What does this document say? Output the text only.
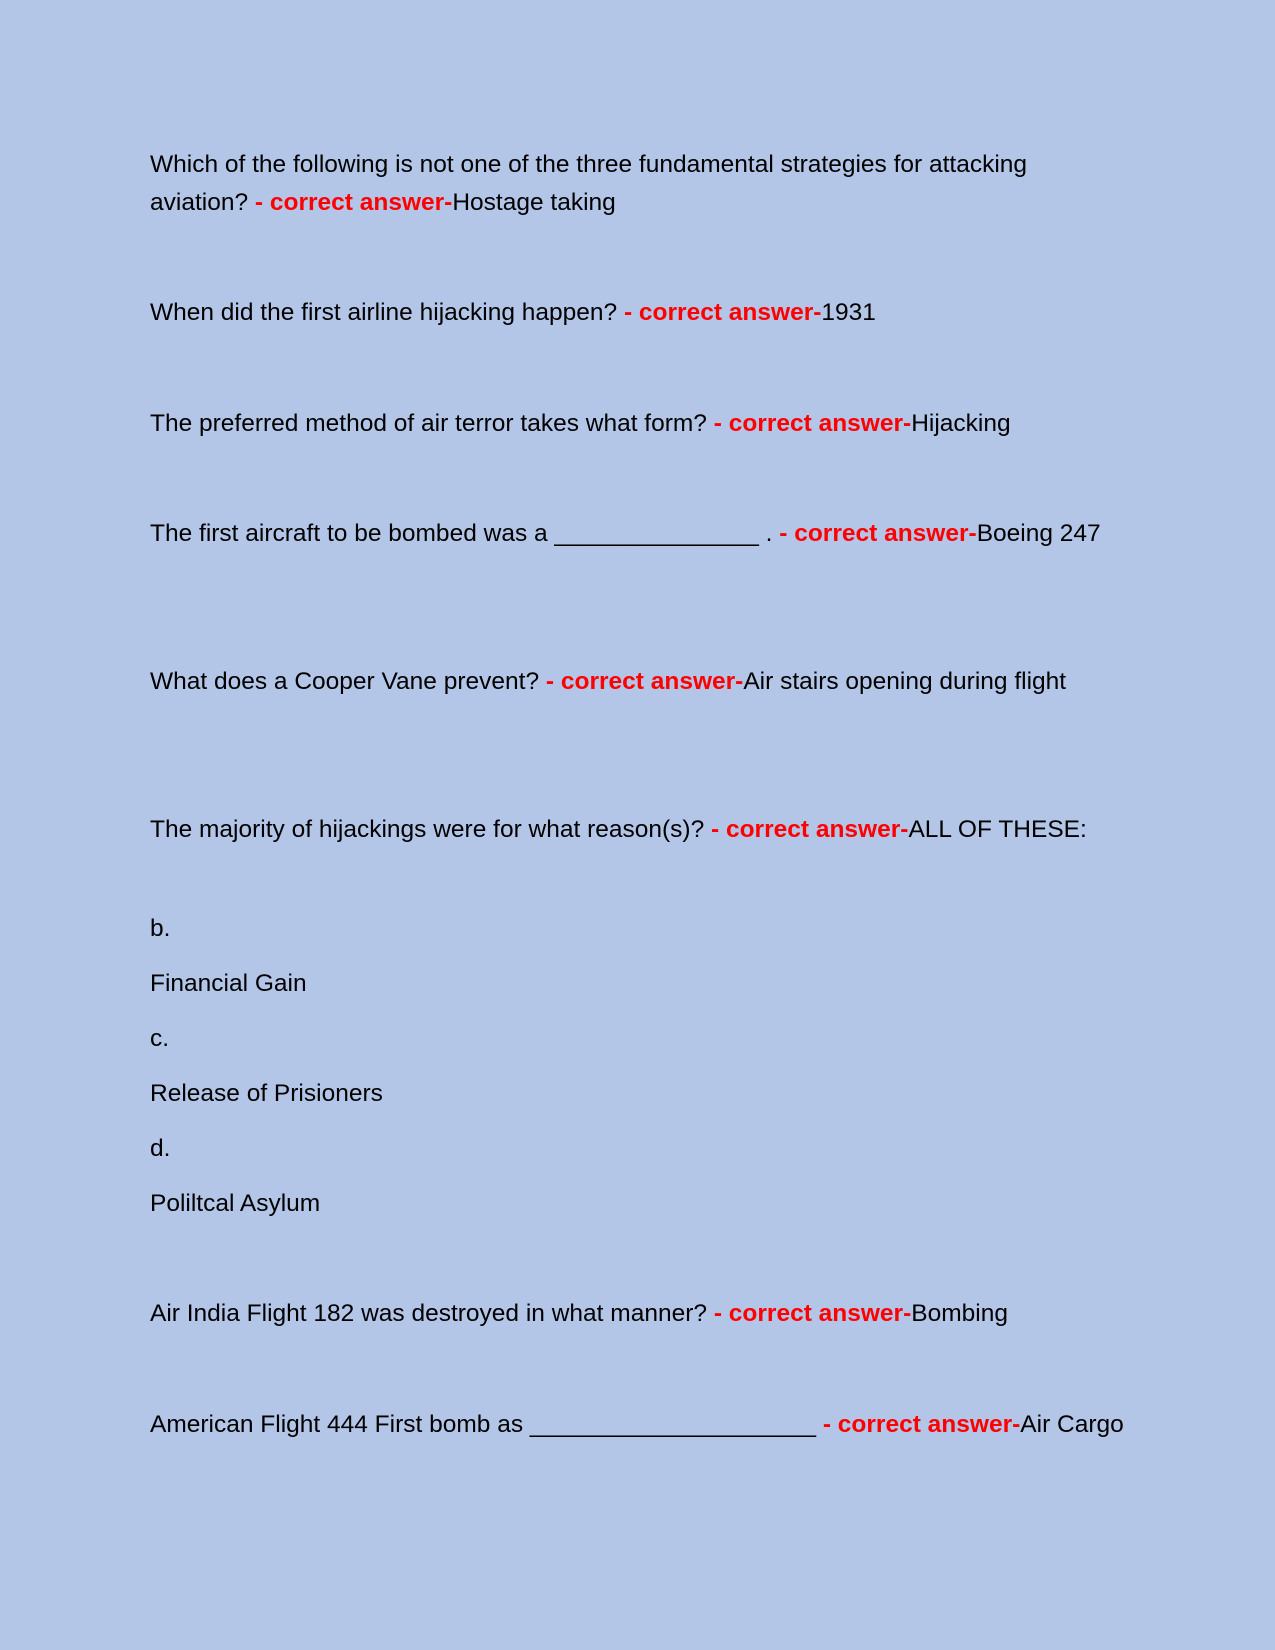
Which of the following is not one of the three fundamental strategies for attacking aviation? - correct answer-Hostage taking

When did the first airline hijacking happen? - correct answer-1931

The preferred method of air terror takes what form? - correct answer-Hijacking

The first aircraft to be bombed was a _______________ . - correct answer-Boeing 247

What does a Cooper Vane prevent? - correct answer-Air stairs opening during flight

The majority of hijackings were for what reason(s)? - correct answer-ALL OF THESE:

b.
Financial Gain
c.
Release of Prisioners
d.
Poliltcal Asylum

Air India Flight 182 was destroyed in what manner? - correct answer-Bombing

American Flight 444 First bomb as _____________________ - correct answer-Air Cargo
